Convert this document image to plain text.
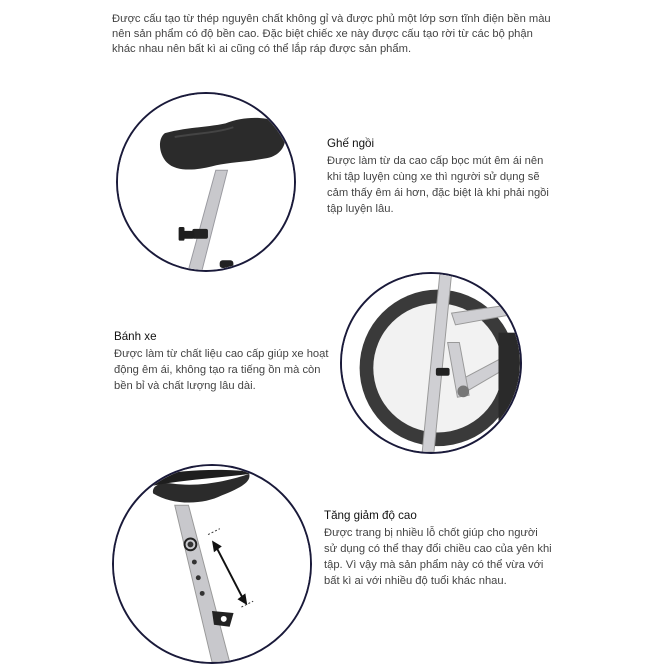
Được cấu tạo từ thép nguyên chất không gỉ và được phủ một lớp sơn tĩnh điện bền màu nên sản phẩm có độ bền cao. Đặc biệt chiếc xe này được cấu tạo rời từ các bộ phận khác nhau nên bất kì ai cũng có thể lắp ráp được sản phẩm.
Ghế ngồi
Được làm từ da cao cấp bọc mút êm ái nên khi tập luyện cùng xe thì người sử dụng sẽ cảm thấy êm ái hơn, đặc biệt là khi phải ngồi tập luyện lâu.
Bánh xe
Được làm từ chất liệu cao cấp giúp xe hoạt động êm ái, không tạo ra tiếng ồn mà còn bền bỉ và chất lượng lâu dài.
Tăng giảm độ cao
Được trang bị nhiều lỗ chốt giúp cho người sử dụng có thể thay đổi chiều cao của yên khi tập. Vì vậy mà sản phẩm này có thể vừa với bất kì ai với nhiều độ tuổi khác nhau.
